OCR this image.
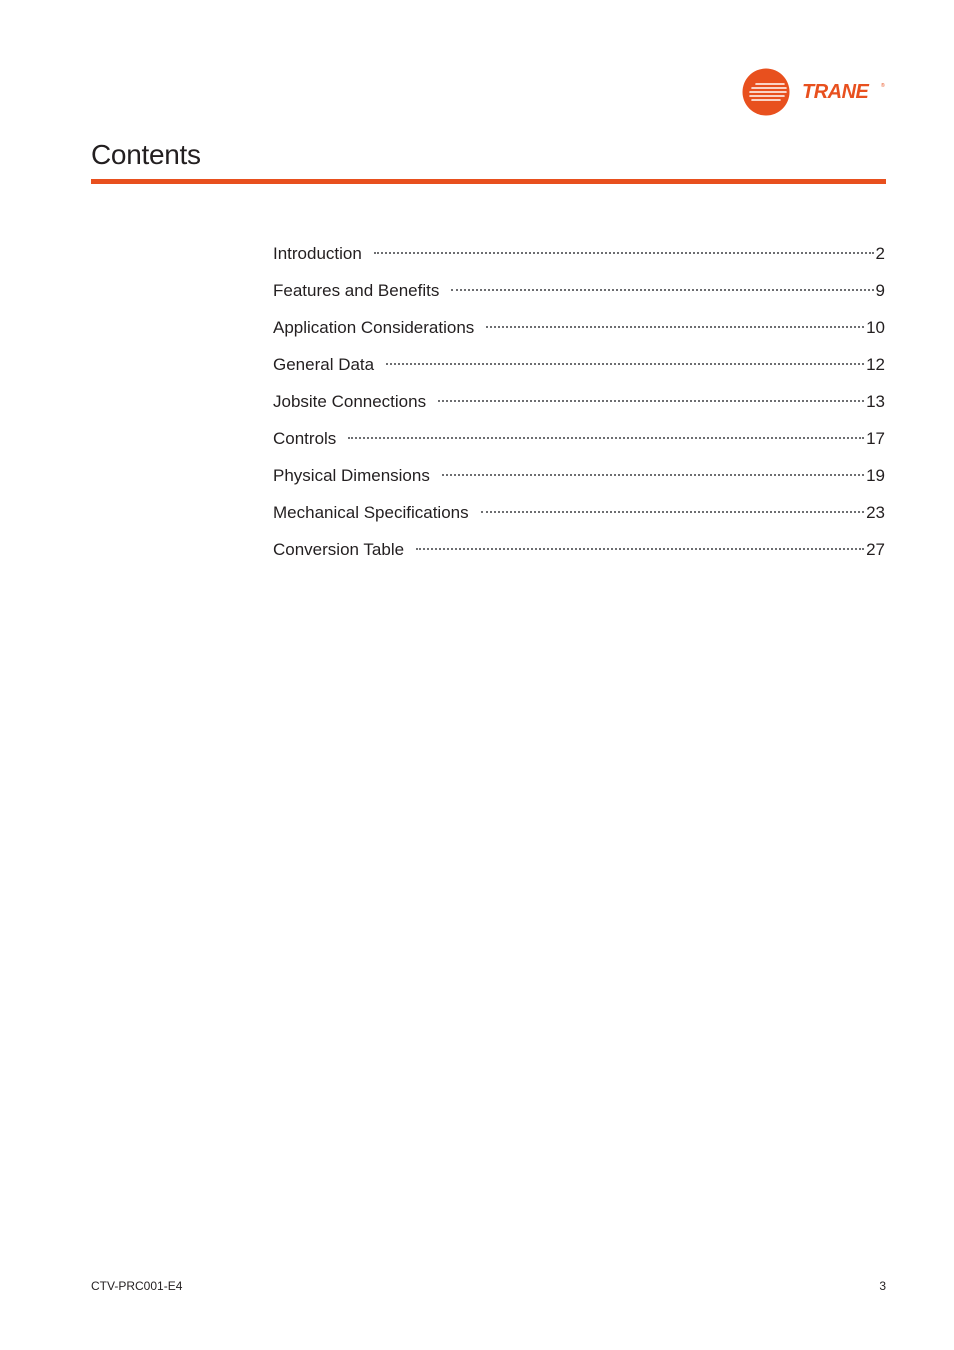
TRANE	®
Contents
Introduction	2
Features and Benefits	9
Application Considerations	10
General Data	12
Jobsite Connections	13
Controls	17
Physical Dimensions	19
Mechanical Specifications	23
Conversion Table	27
CTV-PRC001-E4	3
